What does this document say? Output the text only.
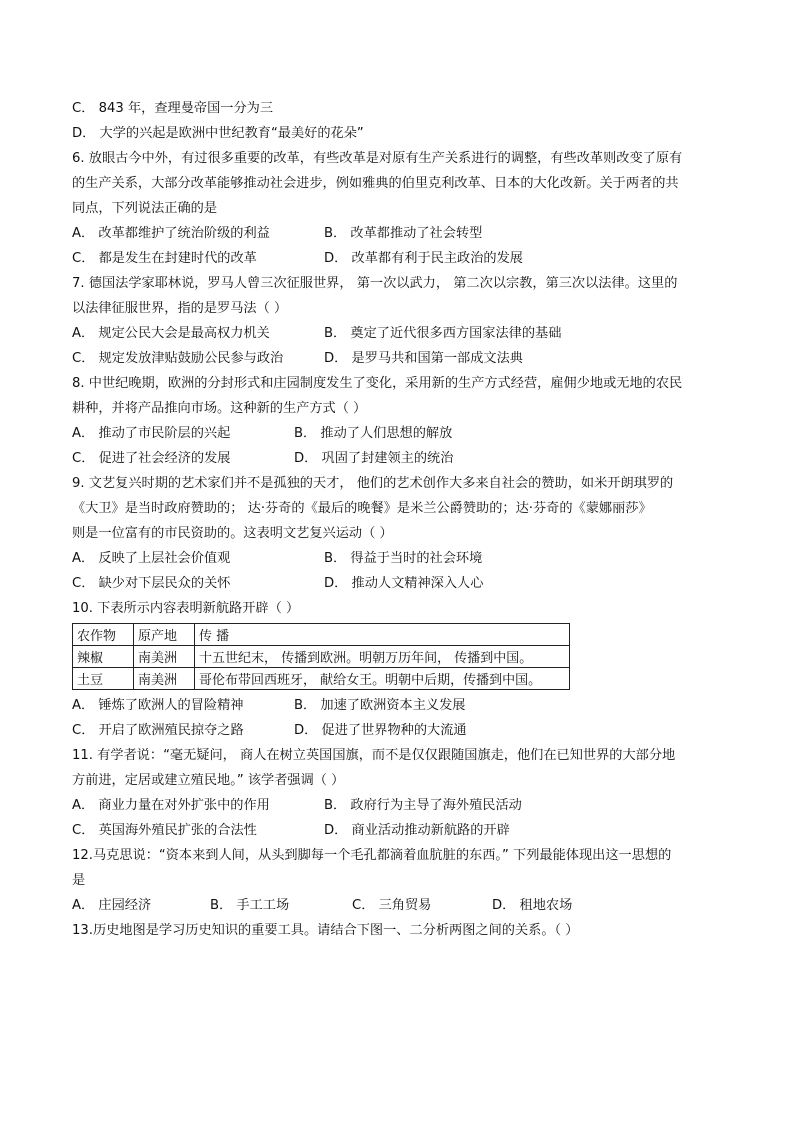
C． 843 年，查理曼帝国一分为三
D． 大学的兴起是欧洲中世纪教育“最美好的花朵”
6. 放眼古今中外，有过很多重要的改革，有些改革是对原有生产关系进行的调整，有些改革则改变了原有
的生产关系，大部分改革能够推动社会进步，例如雅典的伯里克利改革、日本的大化改新。关于两者的共
同点，下列说法正确的是
A． 改革都维护了统治阶级的利益	B． 改革都推动了社会转型
C． 都是发生在封建时代的改革	D． 改革都有利于民主政治的发展
7. 德国法学家耶林说，罗马人曾三次征服世界， 第一次以武力， 第二次以宗教，第三次以法律。这里的
以法律征服世界，指的是罗马法（ ）
A． 规定公民大会是最高权力机关	B． 奠定了近代很多西方国家法律的基础
C． 规定发放津贴鼓励公民参与政治	D． 是罗马共和国第一部成文法典
8. 中世纪晚期，欧洲的分封形式和庄园制度发生了变化，采用新的生产方式经营，雇佣少地或无地的农民
耕种，并将产品推向市场。这种新的生产方式（ ）
A． 推动了市民阶层的兴起	B． 推动了人们思想的解放
C． 促进了社会经济的发展	D． 巩固了封建领主的统治
9. 文艺复兴时期的艺术家们并不是孤独的天才， 他们的艺术创作大多来自社会的赞助，如米开朗琪罗的
《大卫》是当时政府赞助的； 达·芬奇的《最后的晚餐》是米兰公爵赞助的；达·芬奇的《蒙娜丽莎》
则是一位富有的市民资助的。这表明文艺复兴运动（ ）
A． 反映了上层社会价值观	B． 得益于当时的社会环境
C． 缺少对下层民众的关怀	D． 推动人文精神深入人心
10. 下表所示内容表明新航路开辟（ ）
农作物	原产地	传 播
辣椒	南美洲	十五世纪末， 传播到欧洲。明朝万历年间， 传播到中国。
土豆	南美洲	哥伦布带回西班牙， 献给女王。明朝中后期，传播到中国。
A． 锤炼了欧洲人的冒险精神	B． 加速了欧洲资本主义发展
C． 开启了欧洲殖民掠夺之路	D． 促进了世界物种的大流通
11. 有学者说：“毫无疑问， 商人在树立英国国旗，而不是仅仅跟随国旗走，他们在已知世界的大部分地
方前进，定居或建立殖民地。” 该学者强调（ ）
A． 商业力量在对外扩张中的作用	B． 政府行为主导了海外殖民活动
C． 英国海外殖民扩张的合法性	D． 商业活动推动新航路的开辟
12.马克思说：“资本来到人间，从头到脚每一个毛孔都滴着血肮脏的东西。” 下列最能体现出这一思想的
是
A． 庄园经济	B． 手工工场	C． 三角贸易	D． 租地农场
13.历史地图是学习历史知识的重要工具。请结合下图一、二分析两图之间的关系。（ ）
